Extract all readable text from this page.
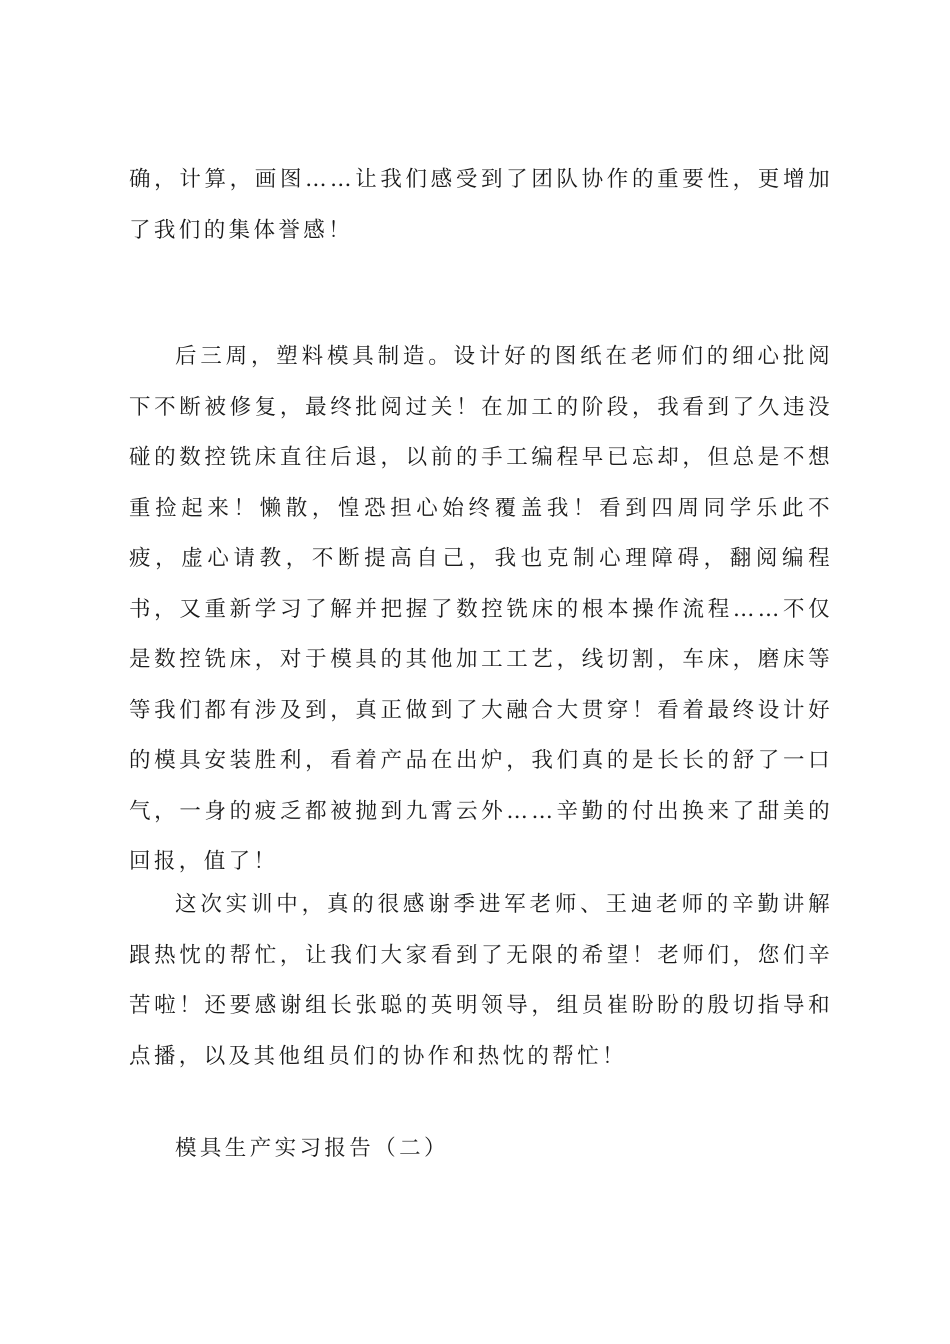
确，计算，画图……让我们感受到了团队协作的重要性，更增加了我们的集体誉感！

后三周，塑料模具制造。设计好的图纸在老师们的细心批阅下不断被修复，最终批阅过关！在加工的阶段，我看到了久违没碰的数控铣床直往后退，以前的手工编程早已忘却，但总是不想重捡起来！懒散，惶恐担心始终覆盖我！看到四周同学乐此不疲，虚心请教，不断提高自己，我也克制心理障碍，翻阅编程书，又重新学习了解并把握了数控铣床的根本操作流程……不仅是数控铣床，对于模具的其他加工工艺，线切割，车床，磨床等等我们都有涉及到，真正做到了大融合大贯穿！看着最终设计好的模具安装胜利，看着产品在出炉，我们真的是长长的舒了一口气，一身的疲乏都被抛到九霄云外……辛勤的付出换来了甜美的回报，值了！

这次实训中，真的很感谢季进军老师、王迪老师的辛勤讲解跟热忱的帮忙，让我们大家看到了无限的希望！老师们，您们辛苦啦！还要感谢组长张聪的英明领导，组员崔盼盼的殷切指导和点播，以及其他组员们的协作和热忱的帮忙！

模具生产实习报告（二）
